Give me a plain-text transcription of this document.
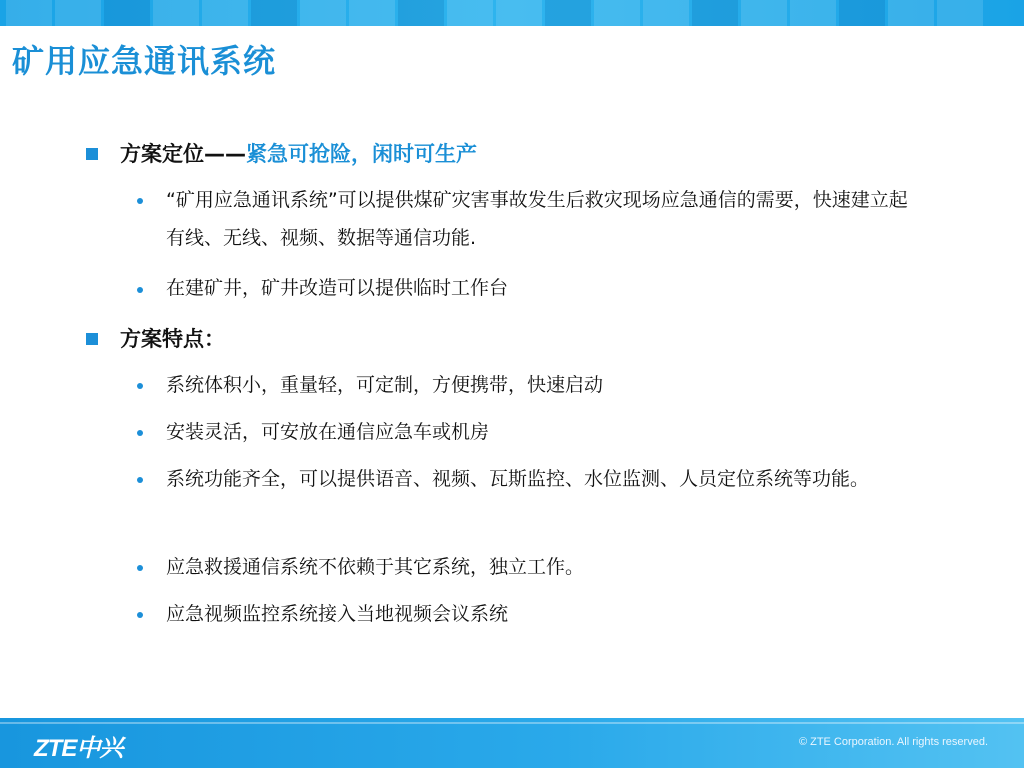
矿用应急通讯系统
方案定位——紧急可抢险，闲时可生产
“矿用应急通讯系统”可以提供煤矿灾害事故发生后救灾现场应急通信的需要，快速建立起有线、无线、视频、数据等通信功能.
在建矿井，矿井改造可以提供临时工作台
方案特点：
系统体积小，重量轻，可定制，方便携带，快速启动
安装灵活，可安放在通信应急车或机房
系统功能齐全，可以提供语音、视频、瓦斯监控、水位监测、人员定位系统等功能。
应急救援通信系统不依赖于其它系统，独立工作。
应急视频监控系统接入当地视频会议系统
ZTE中兴	© ZTE Corporation. All rights reserved.
